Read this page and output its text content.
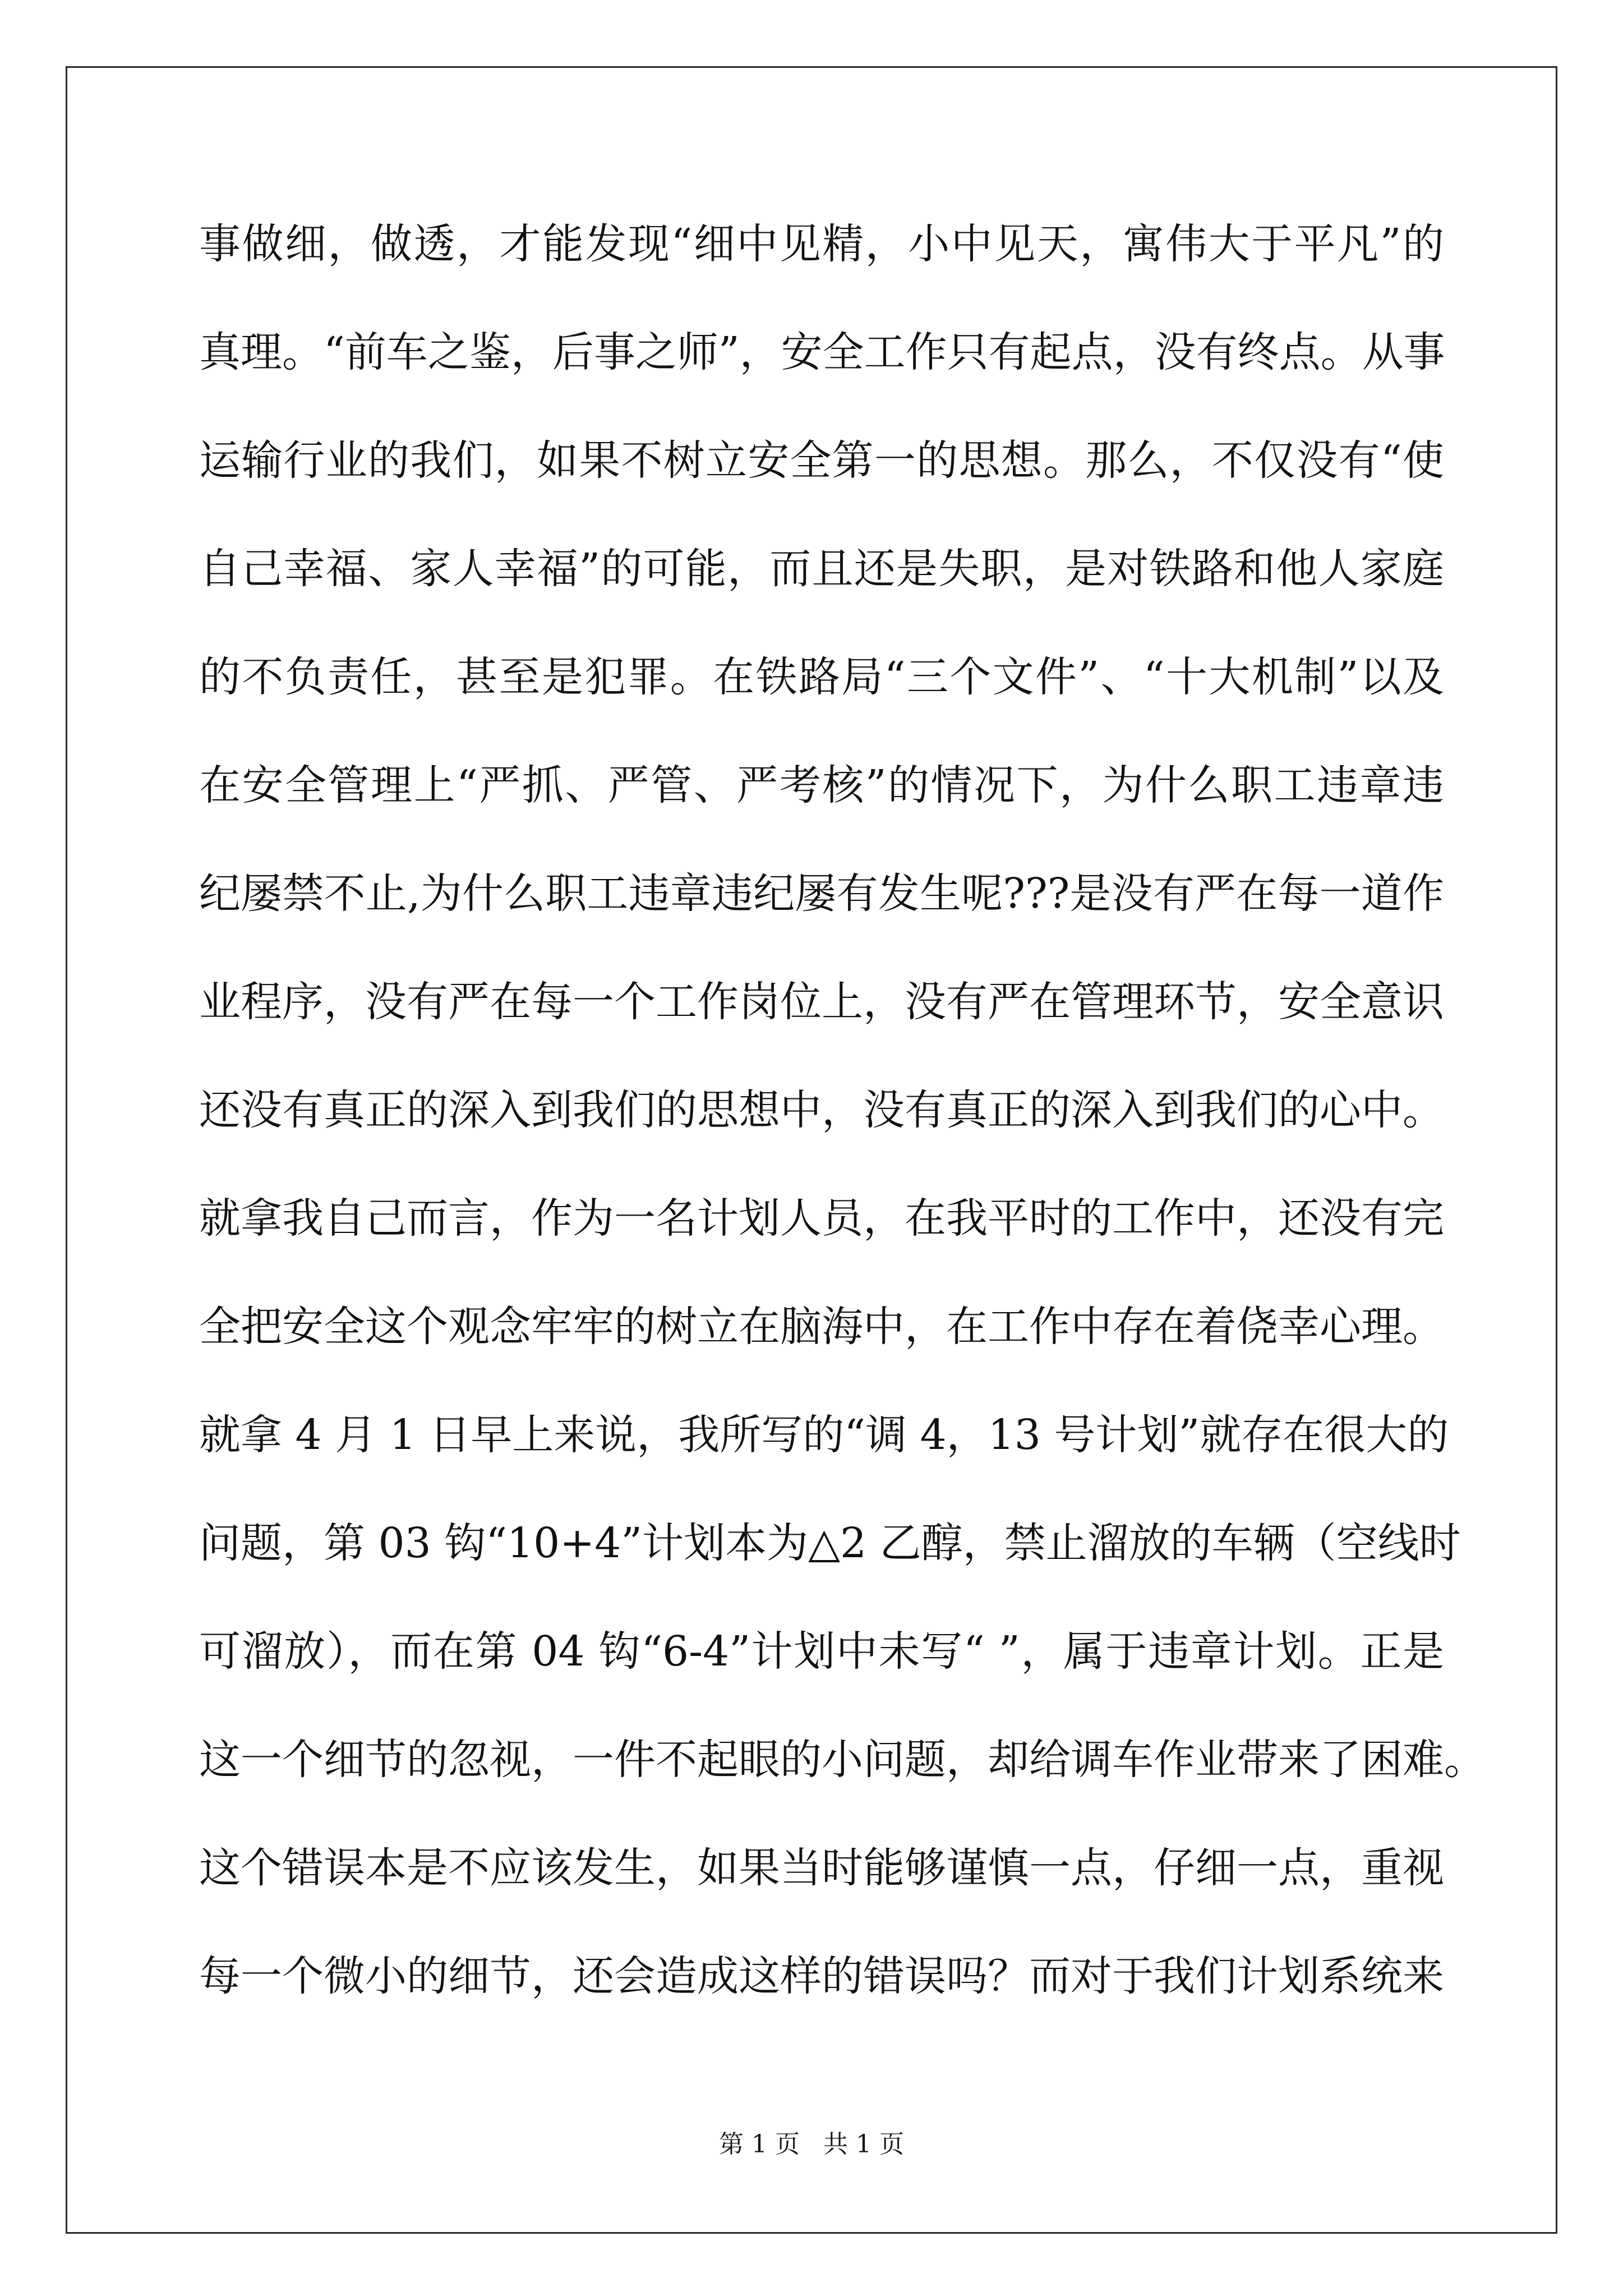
事做细，做透，才能发现“细中见精，小中见天，寓伟大于平凡”的
真理。“前车之鉴，后事之师”，安全工作只有起点，没有终点。从事
运输行业的我们，如果不树立安全第一的思想。那么，不仅没有“使
自己幸福、家人幸福”的可能，而且还是失职，是对铁路和他人家庭
的不负责任，甚至是犯罪。在铁路局“三个文件”、“十大机制”以及
在安全管理上“严抓、严管、严考核”的情况下，为什么职工违章违
纪屡禁不止,为什么职工违章违纪屡有发生呢???是没有严在每一道作
业程序，没有严在每一个工作岗位上，没有严在管理环节，安全意识
还没有真正的深入到我们的思想中，没有真正的深入到我们的心中。
就拿我自己而言，作为一名计划人员，在我平时的工作中，还没有完
全把安全这个观念牢牢的树立在脑海中，在工作中存在着侥幸心理。
就拿 4 月 1 日早上来说，我所写的“调 4，13 号计划”就存在很大的
问题，第 03 钩“10+4”计划本为△2 乙醇，禁止溜放的车辆（空线时
可溜放），而在第 04 钩“6-4”计划中未写“ ”，属于违章计划。正是
这一个细节的忽视，一件不起眼的小问题，却给调车作业带来了困难。
这个错误本是不应该发生，如果当时能够谨慎一点，仔细一点，重视
每一个微小的细节，还会造成这样的错误吗？而对于我们计划系统来
第 1 页   共 1 页
